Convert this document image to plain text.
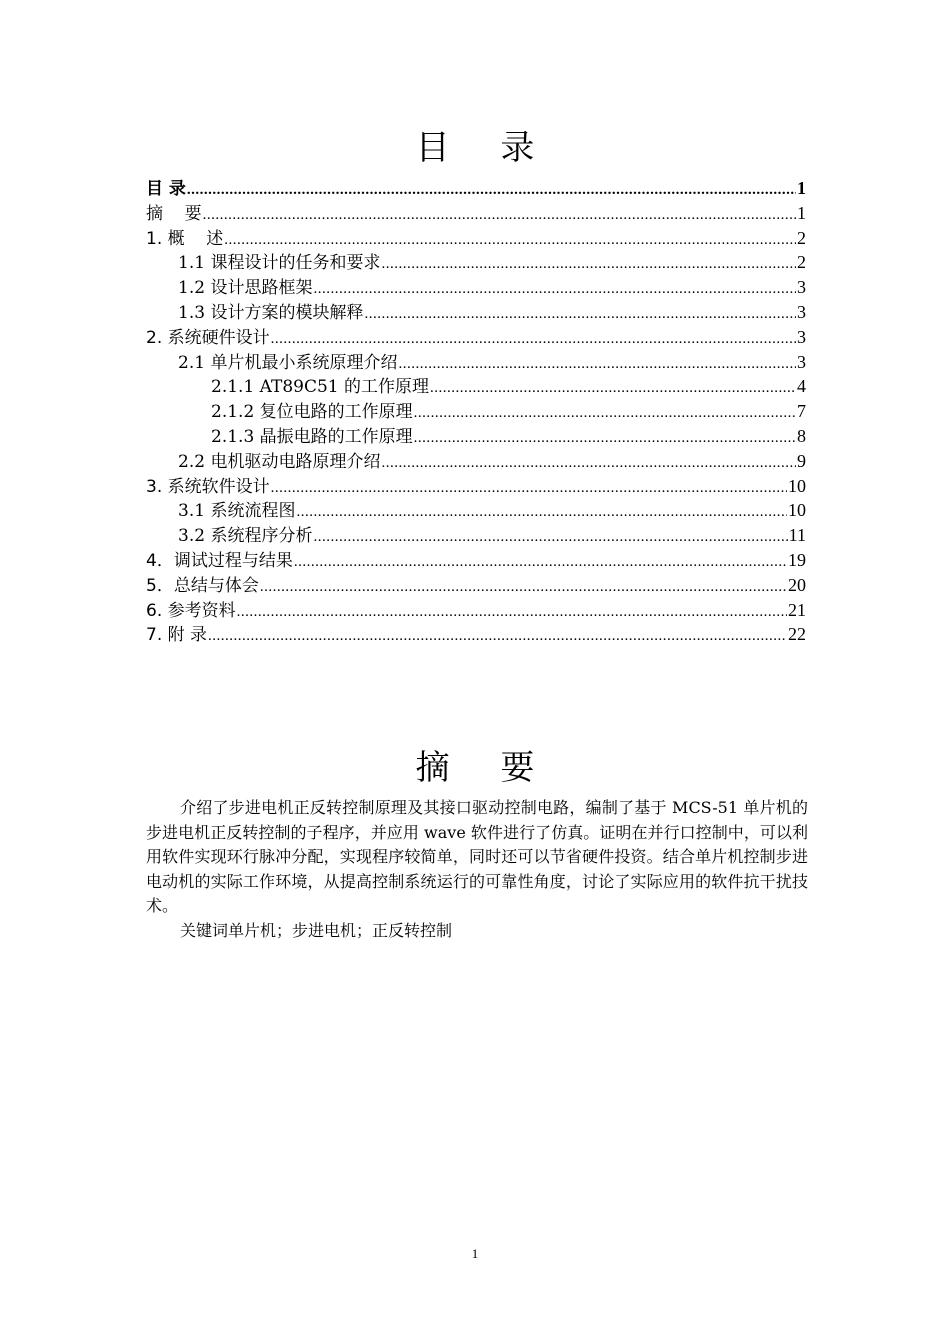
目 录
目 录 .....	1
摘    要 .....	1
1. 概    述 .....	2
1.1 课程设计的任务和要求 .....	2
1.2 设计思路框架 .....	3
1.3 设计方案的模块解释 .....	3
2. 系统硬件设计 .....	3
2.1 单片机最小系统原理介绍 .....	3
2.1.1 AT89C51 的工作原理 .....	4
2.1.2 复位电路的工作原理 .....	7
2.1.3 晶振电路的工作原理 .....	8
2.2 电机驱动电路原理介绍 .....	9
3. 系统软件设计 .....	10
3.1 系统流程图 .....	10
3.2 系统程序分析 .....	11
4．调试过程与结果 .....	19
5．总结与体会 .....	20
6. 参考资料 .....	21
7. 附 录 .....	22
摘 要

介绍了步进电机正反转控制原理及其接口驱动控制电路，编制了基于 MCS-51 单片机的步进电机正反转控制的子程序，并应用 wave 软件进行了仿真。证明在并行口控制中，可以利用软件实现环行脉冲分配，实现程序较简单，同时还可以节省硬件投资。结合单片机控制步进电动机的实际工作环境，从提高控制系统运行的可靠性角度，讨论了实际应用的软件抗干扰技术。

关键词单片机；步进电机；正反转控制

1
